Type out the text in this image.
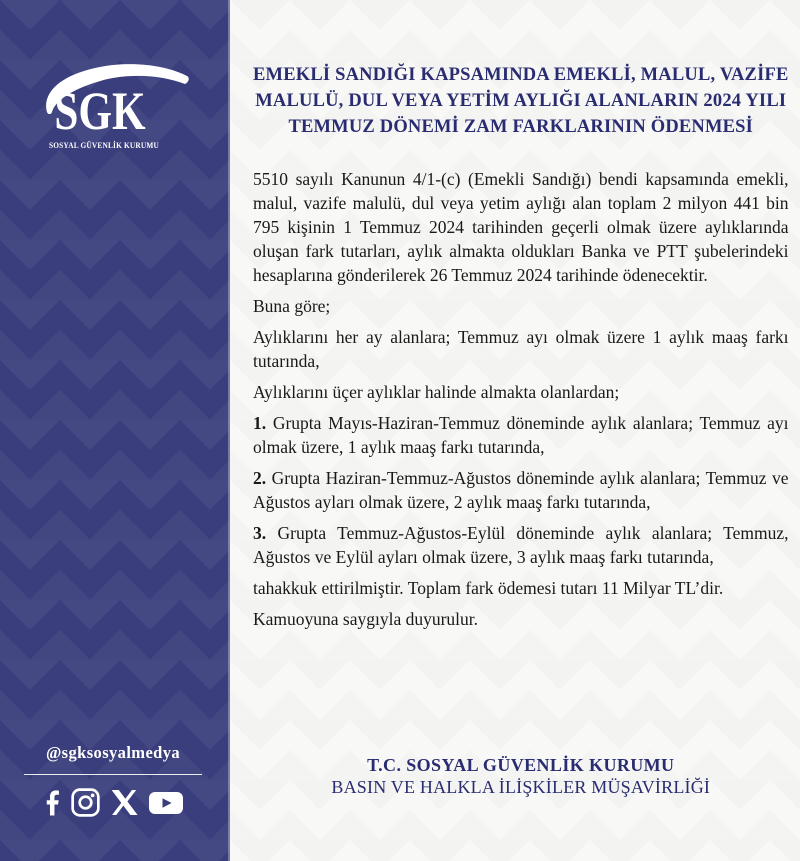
SGK
SOSYAL GÜVENLİK KURUMU
@sgksosyalmedya
EMEKLİ SANDIĞI KAPSAMINDA EMEKLİ, MALUL, VAZİFE
MALULÜ, DUL VEYA YETİM AYLIĞI ALANLARIN 2024 YILI
TEMMUZ DÖNEMİ ZAM FARKLARININ ÖDENMESİ

5510 sayılı Kanunun 4/1-(c) (Emekli Sandığı) bendi kapsamında emekli, malul, vazife malulü, dul veya yetim aylığı alan toplam 2 milyon 441 bin 795 kişinin 1 Temmuz 2024 tarihinden geçerli olmak üzere aylıklarında oluşan fark tutarları, aylık almakta oldukları Banka ve PTT şubelerindeki hesaplarına gönderilerek 26 Temmuz 2024 tarihinde ödenecektir.

Buna göre;

Aylıklarını her ay alanlara; Temmuz ayı olmak üzere 1 aylık maaş farkı tutarında,

Aylıklarını üçer aylıklar halinde almakta olanlardan;

1. Grupta Mayıs-Haziran-Temmuz döneminde aylık alanlara; Temmuz ayı olmak üzere, 1 aylık maaş farkı tutarında,

2. Grupta Haziran-Temmuz-Ağustos döneminde aylık alanlara; Temmuz ve Ağustos ayları olmak üzere, 2 aylık maaş farkı tutarında,

3. Grupta Temmuz-Ağustos-Eylül döneminde aylık alanlara; Temmuz, Ağustos ve Eylül ayları olmak üzere, 3 aylık maaş farkı tutarında,

tahakkuk ettirilmiştir. Toplam fark ödemesi tutarı 11 Milyar TL’dir.

Kamuoyuna saygıyla duyurulur.

T.C. SOSYAL GÜVENLİK KURUMU
BASIN VE HALKLA İLİŞKİLER MÜŞAVİRLİĞİ
